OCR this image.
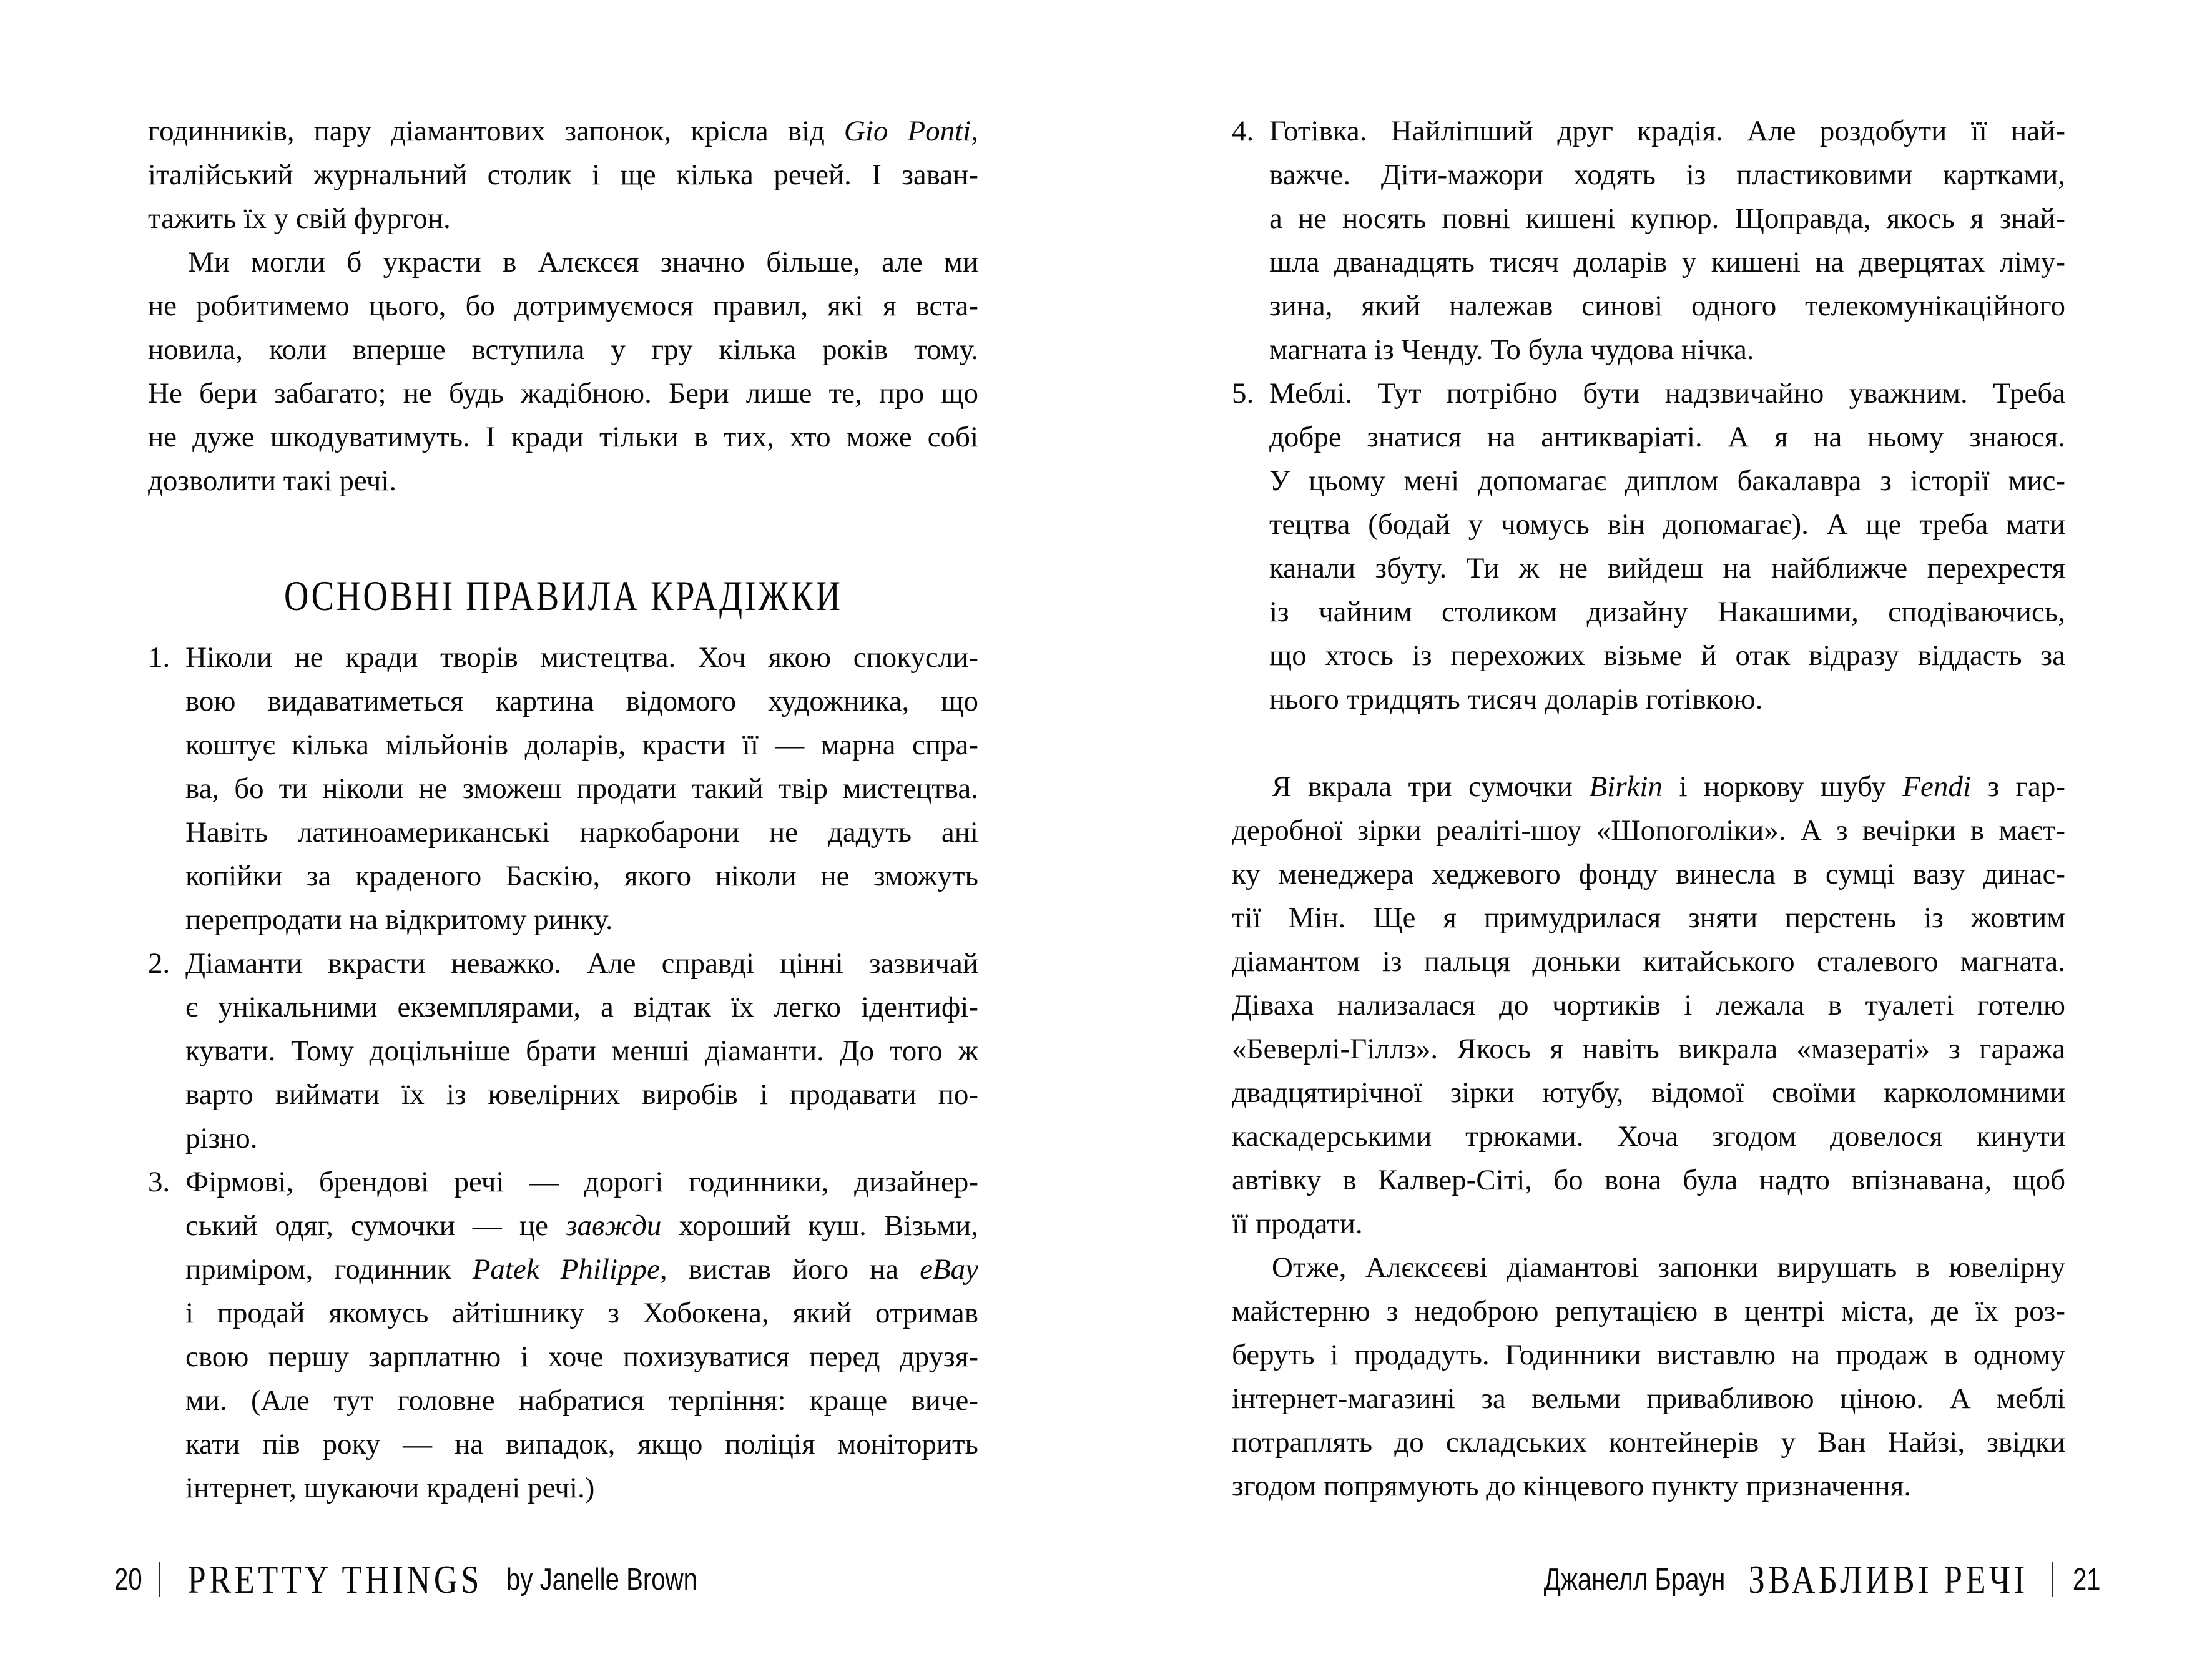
годинників, пару діамантових запонок, крісла від Gio Ponti,
італійський журнальний столик і ще кілька речей. І заван-
тажить їх у свій фургон.
Ми могли б украсти в Алєксєя значно більше, але ми
не робитимемо цього, бо дотримуємося правил, які я вста-
новила, коли вперше вступила у гру кілька років тому.
Не бери забагато; не будь жадібною. Бери лише те, про що
не дуже шкодуватимуть. І кради тільки в тих, хто може собі
дозволити такі речі.
ОСНОВНІ ПРАВИЛА КРАДІЖКИ
1. Ніколи не кради творів мистецтва. Хоч якою спокусли-
вою видаватиметься картина відомого художника, що
коштує кілька мільйонів доларів, красти її — марна спра-
ва, бо ти ніколи не зможеш продати такий твір мистецтва.
Навіть латиноамериканські наркобарони не дадуть ані
копійки за краденого Баскію, якого ніколи не зможуть
перепродати на відкритому ринку.
2. Діаманти вкрасти неважко. Але справді цінні зазвичай
є унікальними екземплярами, а відтак їх легко ідентифі-
кувати. Тому доцільніше брати менші діаманти. До того ж
варто виймати їх із ювелірних виробів і продавати по-
різно.
3. Фірмові, брендові речі — дорогі годинники, дизайнер-
ський одяг, сумочки — це завжди хороший куш. Візьми,
приміром, годинник Patek Philippe, вистав його на eBay
і продай якомусь айтішнику з Хобокена, який отримав
свою першу зарплатню і хоче похизуватися перед друзя-
ми. (Але тут головне набратися терпіння: краще виче-
кати пів року — на випадок, якщо поліція моніторить
інтернет, шукаючи крадені речі.)
4. Готівка. Найліпший друг крадія. Але роздобути її най-
важче. Діти-мажори ходять із пластиковими картками,
а не носять повні кишені купюр. Щоправда, якось я знай-
шла дванадцять тисяч доларів у кишені на дверцятах ліму-
зина, який належав синові одного телекомунікаційного
магната із Ченду. То була чудова нічка.
5. Меблі. Тут потрібно бути надзвичайно уважним. Треба
добре знатися на антикваріаті. А я на ньому знаюся.
У цьому мені допомагає диплом бакалавра з історії мис-
тецтва (бодай у чомусь він допомагає). А ще треба мати
канали збуту. Ти ж не вийдеш на найближче перехрестя
із чайним столиком дизайну Накашими, сподіваючись,
що хтось із перехожих візьме й отак відразу віддасть за
нього тридцять тисяч доларів готівкою.
Я вкрала три сумочки Birkin і норкову шубу Fendi з гар-
деробної зірки реаліті-шоу «Шопоголіки». А з вечірки в маєт-
ку менеджера хеджевого фонду винесла в сумці вазу динас-
тії Мін. Ще я примудрилася зняти перстень із жовтим
діамантом із пальця доньки китайського сталевого магната.
Діваха нализалася до чортиків і лежала в туалеті готелю
«Беверлі-Гіллз». Якось я навіть викрала «мазераті» з гаража
двадцятирічної зірки ютубу, відомої своїми карколомними
каскадерськими трюками. Хоча згодом довелося кинути
автівку в Калвер-Сіті, бо вона була надто впізнавана, щоб
її продати.
Отже, Алєксєєві діамантові запонки вирушать в ювелірну
майстерню з недоброю репутацією в центрі міста, де їх роз-
беруть і продадуть. Годинники виставлю на продаж в одному
інтернет-магазині за вельми привабливою ціною. А меблі
потраплять до складських контейнерів у Ван Найзі, звідки
згодом попрямують до кінцевого пункту призначення.
20 PRETTY THINGS by Janelle Brown	Джанелл Браун ЗВАБЛИВІ РЕЧІ 21
